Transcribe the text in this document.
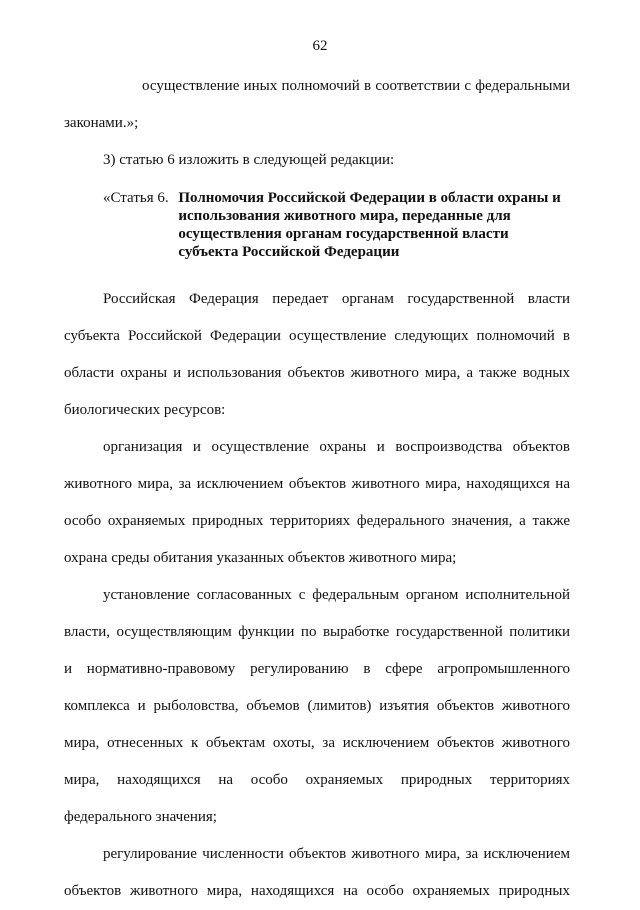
62
осуществление иных полномочий в соответствии с федеральными
законами.»;
3) статью 6 изложить в следующей редакции:
«Статья 6. Полномочия Российской Федерации в области охраны и
использования животного мира, переданные для
осуществления органам государственной власти
субъекта Российской Федерации
Российская Федерация передает органам государственной власти
субъекта Российской Федерации осуществление следующих полномочий в
области охраны и использования объектов животного мира, а также водных
биологических ресурсов:
организация и осуществление охраны и воспроизводства объектов
животного мира, за исключением объектов животного мира, находящихся на
особо охраняемых природных территориях федерального значения, а также
охрана среды обитания указанных объектов животного мира;
установление согласованных с федеральным органом исполнительной
власти, осуществляющим функции по выработке государственной политики
и нормативно-правовому регулированию в сфере агропромышленного
комплекса и рыболовства, объемов (лимитов) изъятия объектов животного
мира, отнесенных к объектам охоты, за исключением объектов животного
мира, находящихся на особо охраняемых природных территориях
федерального значения;
регулирование численности объектов животного мира, за исключением
объектов животного мира, находящихся на особо охраняемых природных
